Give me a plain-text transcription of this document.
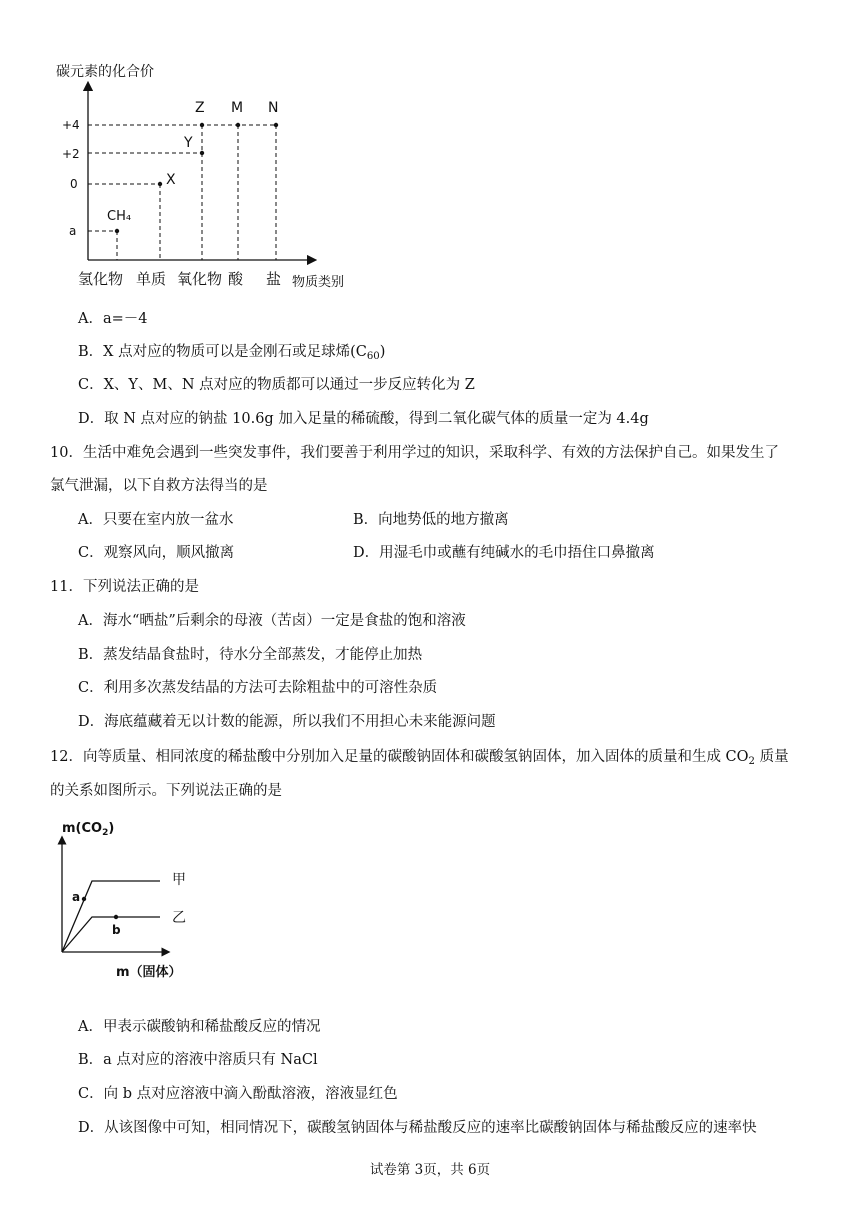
碳元素的化合价
+4
+2
0
a
CH₄
X
Y
Z M N
氢化物 单质 氧化物 酸 盐 物质类别
A．a=－4
B．X 点对应的物质可以是金刚石或足球烯$(C_{60})$
C．X、Y、M、N 点对应的物质都可以通过一步反应转化为 Z
D．取 N 点对应的钠盐 10.6g 加入足量的稀硫酸，得到二氧化碳气体的质量一定为 4.4g
10．生活中难免会遇到一些突发事件，我们要善于利用学过的知识，采取科学、有效的方法保护自己。如果发生了
氯气泄漏，以下自救方法得当的是
A．只要在室内放一盆水	B．向地势低的地方撤离
C．观察风向，顺风撤离	D．用湿毛巾或蘸有纯碱水的毛巾捂住口鼻撤离
11．下列说法正确的是
A．海水“晒盐”后剩余的母液（苦卤）一定是食盐的饱和溶液
B．蒸发结晶食盐时，待水分全部蒸发，才能停止加热
C．利用多次蒸发结晶的方法可去除粗盐中的可溶性杂质
D．海底蕴藏着无以计数的能源，所以我们不用担心未来能源问题
12．向等质量、相同浓度的稀盐酸中分别加入足量的碳酸钠固体和碳酸氢钠固体，加入固体的质量和生成 $CO_2$ 质量
的关系如图所示。下列说法正确的是
$m(CO_2)$
a
b
甲
乙
m（固体）
A．甲表示碳酸钠和稀盐酸反应的情况
B．a 点对应的溶液中溶质只有 NaCl
C．向 b 点对应溶液中滴入酚酞溶液，溶液显红色
D．从该图像中可知，相同情况下，碳酸氢钠固体与稀盐酸反应的速率比碳酸钠固体与稀盐酸反应的速率快
试卷第 3页，共 6页
